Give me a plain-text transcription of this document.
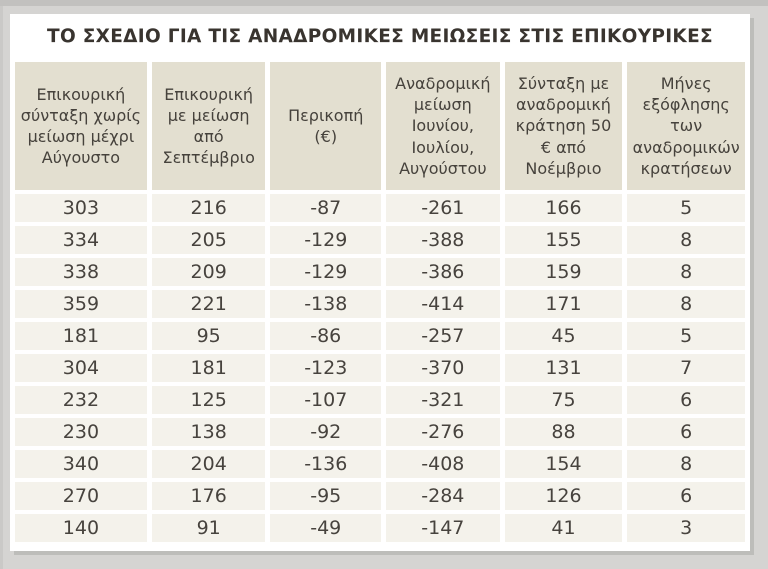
ΤΟ ΣΧΕΔΙΟ ΓΙΑ ΤΙΣ ΑΝΑΔΡΟΜΙΚΕΣ ΜΕΙΩΣΕΙΣ ΣΤΙΣ ΕΠΙΚΟΥΡΙΚΕΣ
Επικουρική σύνταξη χωρίς μείωση μέχρι Αύγουστο	Επικουρική με μείωση από Σεπτέμβριο	Περικοπή (€)	Αναδρομική μείωση Ιουνίου, Ιουλίου, Αυγούστου	Σύνταξη με αναδρομική κράτηση 50 € από Νοέμβριο	Μήνες εξόφλησης των αναδρομικών κρατήσεων
303	216	-87	-261	166	5
334	205	-129	-388	155	8
338	209	-129	-386	159	8
359	221	-138	-414	171	8
181	95	-86	-257	45	5
304	181	-123	-370	131	7
232	125	-107	-321	75	6
230	138	-92	-276	88	6
340	204	-136	-408	154	8
270	176	-95	-284	126	6
140	91	-49	-147	41	3
